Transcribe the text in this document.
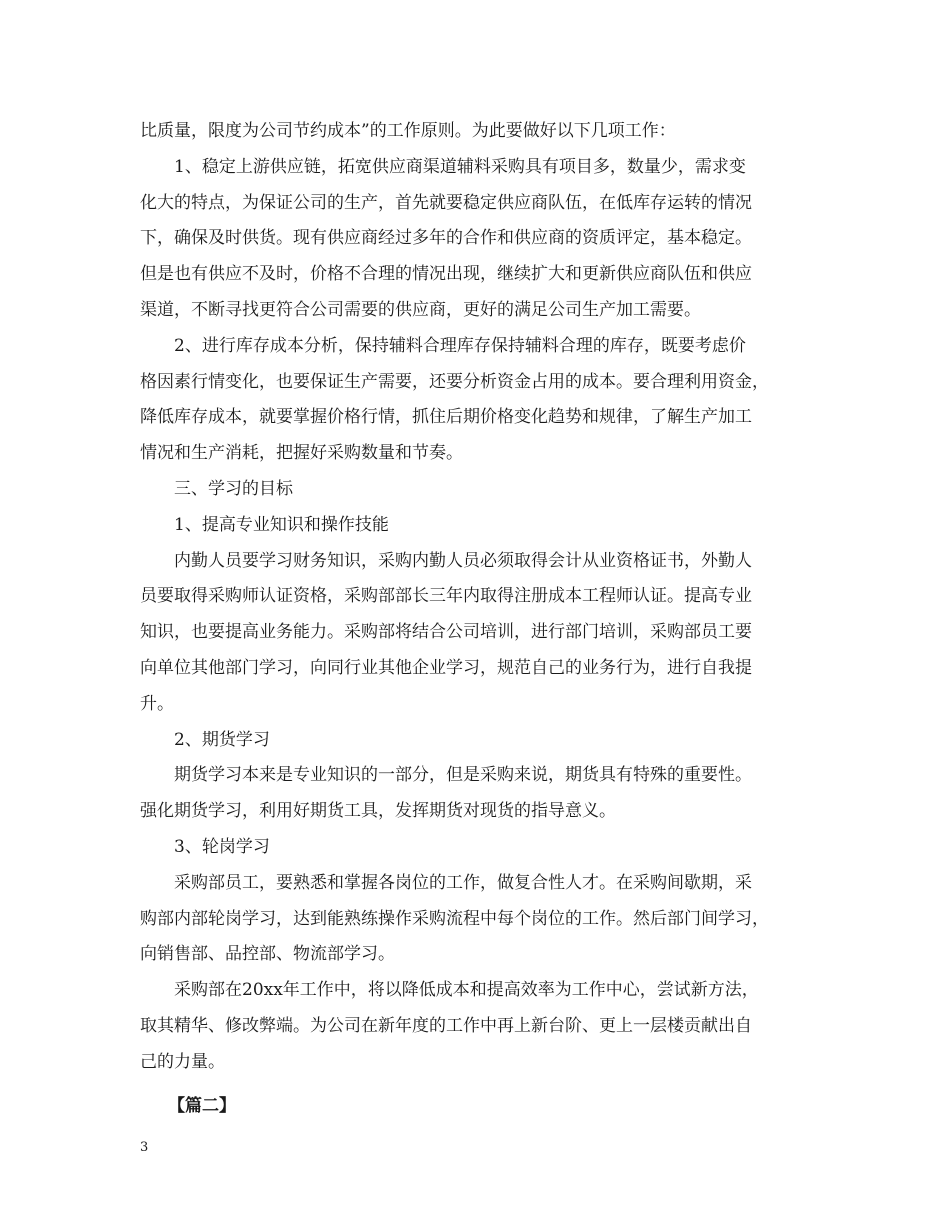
比质量，限度为公司节约成本”的工作原则。为此要做好以下几项工作：
1、稳定上游供应链，拓宽供应商渠道辅料采购具有项目多，数量少，需求变
化大的特点，为保证公司的生产，首先就要稳定供应商队伍，在低库存运转的情况
下，确保及时供货。现有供应商经过多年的合作和供应商的资质评定，基本稳定。
但是也有供应不及时，价格不合理的情况出现，继续扩大和更新供应商队伍和供应
渠道，不断寻找更符合公司需要的供应商，更好的满足公司生产加工需要。
2、进行库存成本分析，保持辅料合理库存保持辅料合理的库存，既要考虑价
格因素行情变化，也要保证生产需要，还要分析资金占用的成本。要合理利用资金，
降低库存成本，就要掌握价格行情，抓住后期价格变化趋势和规律，了解生产加工
情况和生产消耗，把握好采购数量和节奏。
三、学习的目标
1、提高专业知识和操作技能
内勤人员要学习财务知识，采购内勤人员必须取得会计从业资格证书，外勤人
员要取得采购师认证资格，采购部部长三年内取得注册成本工程师认证。提高专业
知识，也要提高业务能力。采购部将结合公司培训，进行部门培训，采购部员工要
向单位其他部门学习，向同行业其他企业学习，规范自己的业务行为，进行自我提
升。
2、期货学习
期货学习本来是专业知识的一部分，但是采购来说，期货具有特殊的重要性。
强化期货学习，利用好期货工具，发挥期货对现货的指导意义。
3、轮岗学习
采购部员工，要熟悉和掌握各岗位的工作，做复合性人才。在采购间歇期，采
购部内部轮岗学习，达到能熟练操作采购流程中每个岗位的工作。然后部门间学习，
向销售部、品控部、物流部学习。
采购部在20xx年工作中，将以降低成本和提高效率为工作中心，尝试新方法，
取其精华、修改弊端。为公司在新年度的工作中再上新台阶、更上一层楼贡献出自
己的力量。
【篇二】
3
